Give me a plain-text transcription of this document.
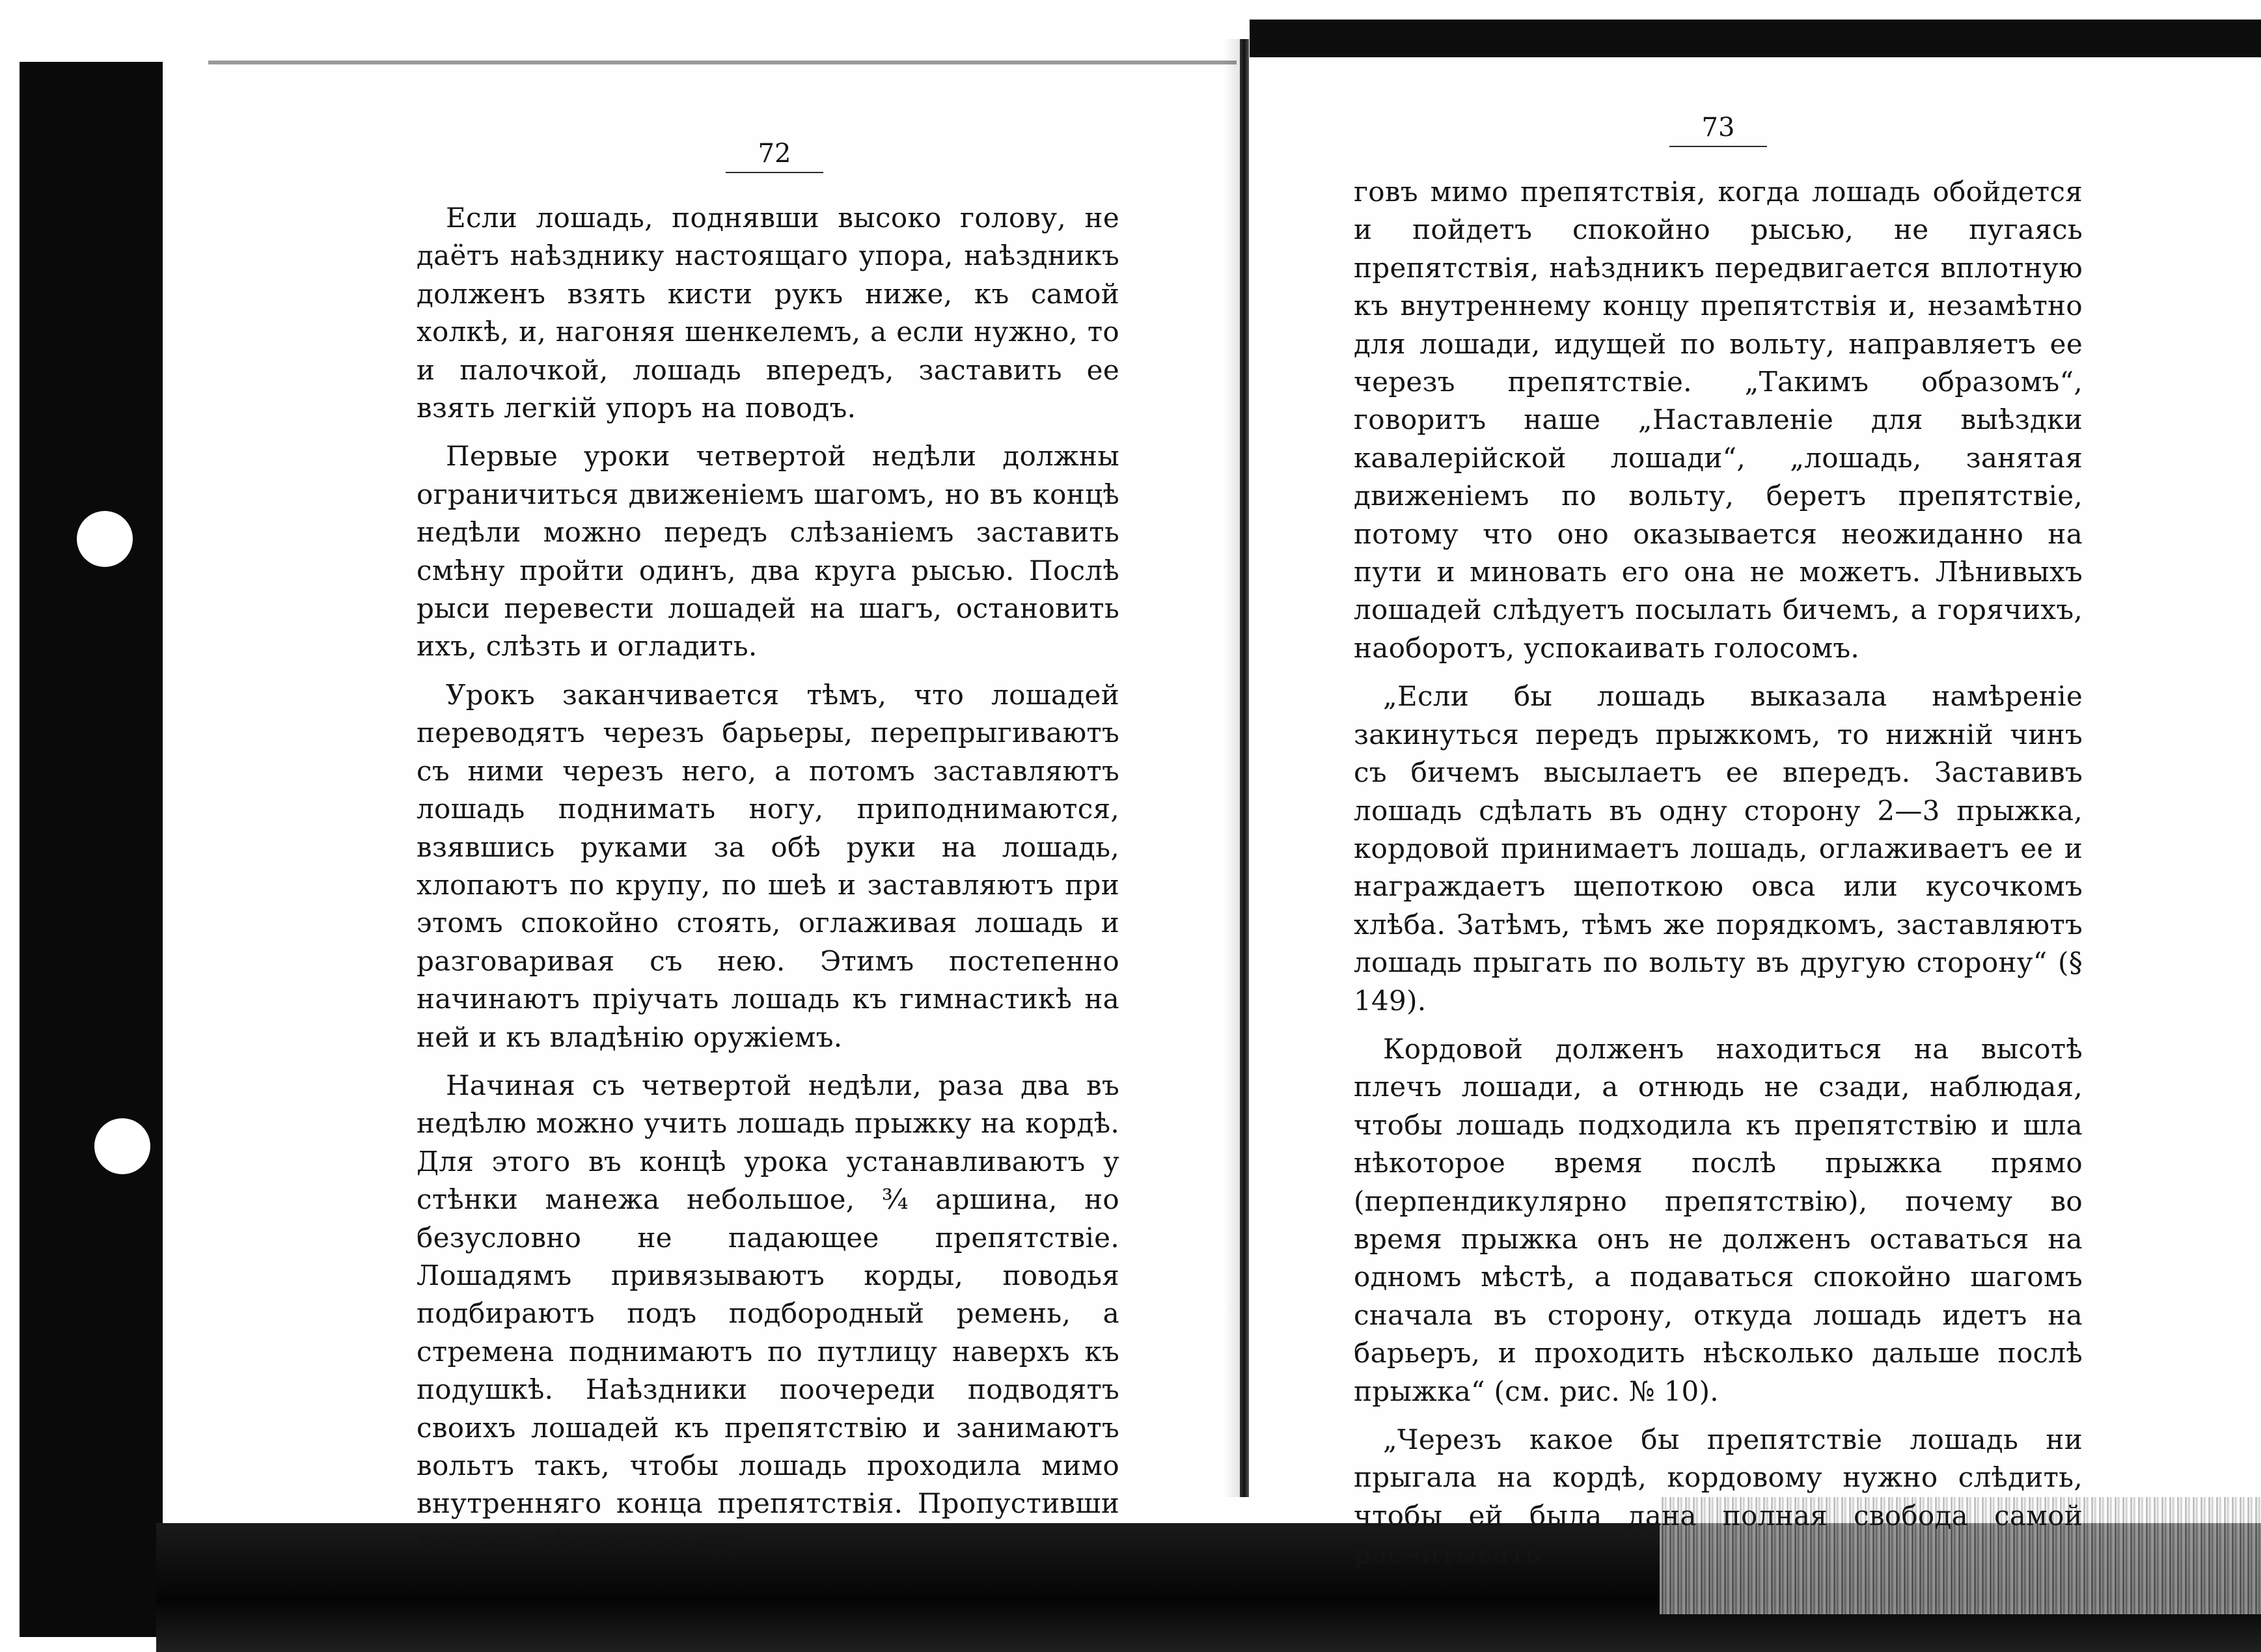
72

Если лошадь, поднявши высоко голову, не даётъ наѣзднику настоящаго упора, наѣздникъ долженъ взять кисти рукъ ниже, къ самой холкѣ, и, нагоняя шенкелемъ, а если нужно, то и палочкой, лошадь впередъ, заставить ее взять легкій упоръ на поводъ.

Первые уроки четвертой недѣли должны ограничиться движеніемъ шагомъ, но въ концѣ недѣли можно передъ слѣзаніемъ заставить смѣну пройти одинъ, два круга рысью. Послѣ рыси перевести лошадей на шагъ, остановить ихъ, слѣзть и огладить.

Урокъ заканчивается тѣмъ, что лошадей переводятъ черезъ барьеры, перепрыгиваютъ съ ними черезъ него, а потомъ заставляютъ лошадь поднимать ногу, приподнимаются, взявшись руками за обѣ руки на лошадь, хлопаютъ по крупу, по шеѣ и заставляютъ при этомъ спокойно стоять, оглаживая лошадь и разговаривая съ нею. Этимъ постепенно начинаютъ пріучать лошадь къ гимнастикѣ на ней и къ владѣнію оружіемъ.

Начиная съ четвертой недѣли, раза два въ недѣлю можно учить лошадь прыжку на кордѣ. Для этого въ концѣ урока устанавливаютъ у стѣнки манежа небольшое, ¾ аршина, но безусловно не падающее препятствіе. Лошадямъ привязываютъ корды, поводья подбираютъ подъ подбородный ремень, а стремена поднимаютъ по путлицу наверхъ къ подушкѣ. Наѣздники поочереди подводятъ своихъ лошадей къ препятствію и занимаютъ вольтъ такъ, чтобы лошадь проходила мимо внутренняго конца препятствія. Пропустивши лошадь нѣсколько кру-

73

говъ мимо препятствія, когда лошадь обойдется и пойдетъ спокойно рысью, не пугаясь препятствія, наѣздникъ передвигается вплотную къ внутреннему концу препятствія и, незамѣтно для лошади, идущей по вольту, направляетъ ее черезъ препятствіе. „Такимъ образомъ“, говоритъ наше „Наставленіе для выѣздки кавалерійской лошади“, „лошадь, занятая движеніемъ по вольту, беретъ препятствіе, потому что оно оказывается неожиданно на пути и миновать его она не можетъ. Лѣнивыхъ лошадей слѣдуетъ посылать бичемъ, а горячихъ, наоборотъ, успокаивать голосомъ.

„Если бы лошадь выказала намѣреніе закинуться передъ прыжкомъ, то нижній чинъ съ бичемъ высылаетъ ее впередъ. Заставивъ лошадь сдѣлать въ одну сторону 2—3 прыжка, кордовой принимаетъ лошадь, оглаживаетъ ее и награждаетъ щепоткою овса или кусочкомъ хлѣба. Затѣмъ, тѣмъ же порядкомъ, заставляютъ лошадь прыгать по вольту въ другую сторону“ (§ 149).

Кордовой долженъ находиться на высотѣ плечъ лошади, а отнюдь не сзади, наблюдая, чтобы лошадь подходила къ препятствію и шла нѣкоторое время послѣ прыжка прямо (перпендикулярно препятствію), почему во время прыжка онъ не долженъ оставаться на одномъ мѣстѣ, а подаваться спокойно шагомъ сначала въ сторону, откуда лошадь идетъ на барьеръ, и проходить нѣсколько дальше послѣ прыжка“ (см. рис. № 10).

„Черезъ какое бы препятствіе лошадь ни прыгала на кордѣ, кордовому нужно слѣдить, чтобы ей была дана полная свобода самой расчитывать
